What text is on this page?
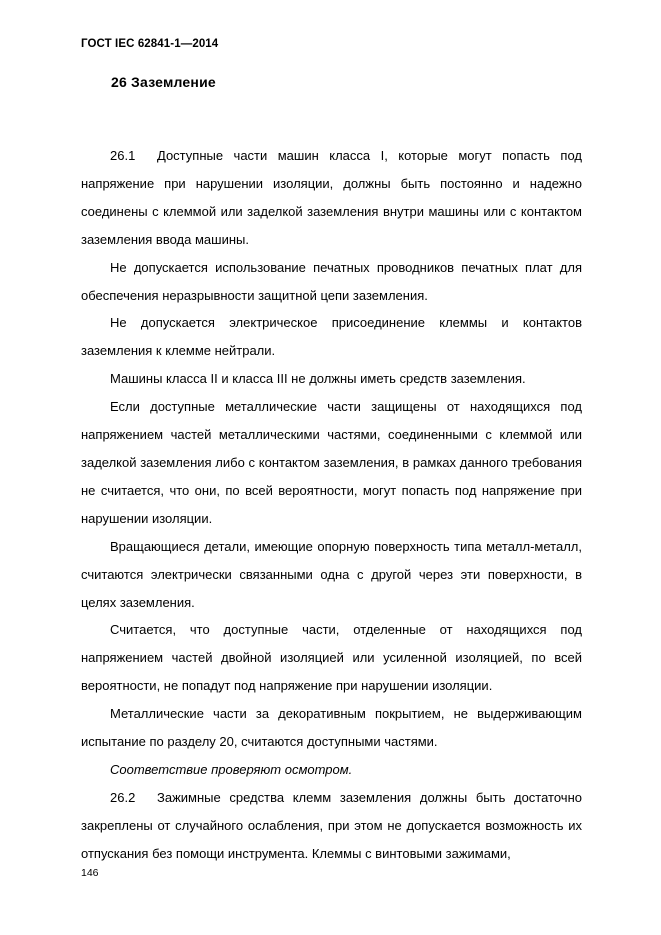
ГОСТ IEC 62841-1—2014
26 Заземление

26.1 Доступные части машин класса I, которые могут попасть под напряжение при нарушении изоляции, должны быть постоянно и надежно соединены с клеммой или заделкой заземления внутри машины или с контактом заземления ввода машины.

Не допускается использование печатных проводников печатных плат для обеспечения неразрывности защитной цепи заземления.

Не допускается электрическое присоединение клеммы и контактов заземления к клемме нейтрали.

Машины класса II и класса III не должны иметь средств заземления.

Если доступные металлические части защищены от находящихся под напряжением частей металлическими частями, соединенными с клеммой или заделкой заземления либо с контактом заземления, в рамках данного требования не считается, что они, по всей вероятности, могут попасть под напряжение при нарушении изоляции.

Вращающиеся детали, имеющие опорную поверхность типа металл-металл, считаются электрически связанными одна с другой через эти поверхности, в целях заземления.

Считается, что доступные части, отделенные от находящихся под напряжением частей двойной изоляцией или усиленной изоляцией, по всей вероятности, не попадут под напряжение при нарушении изоляции.

Металлические части за декоративным покрытием, не выдерживающим испытание по разделу 20, считаются доступными частями.

Соответствие проверяют осмотром.

26.2 Зажимные средства клемм заземления должны быть достаточно закреплены от случайного ослабления, при этом не допускается возможность их отпускания без помощи инструмента. Клеммы с винтовыми зажимами,

146
